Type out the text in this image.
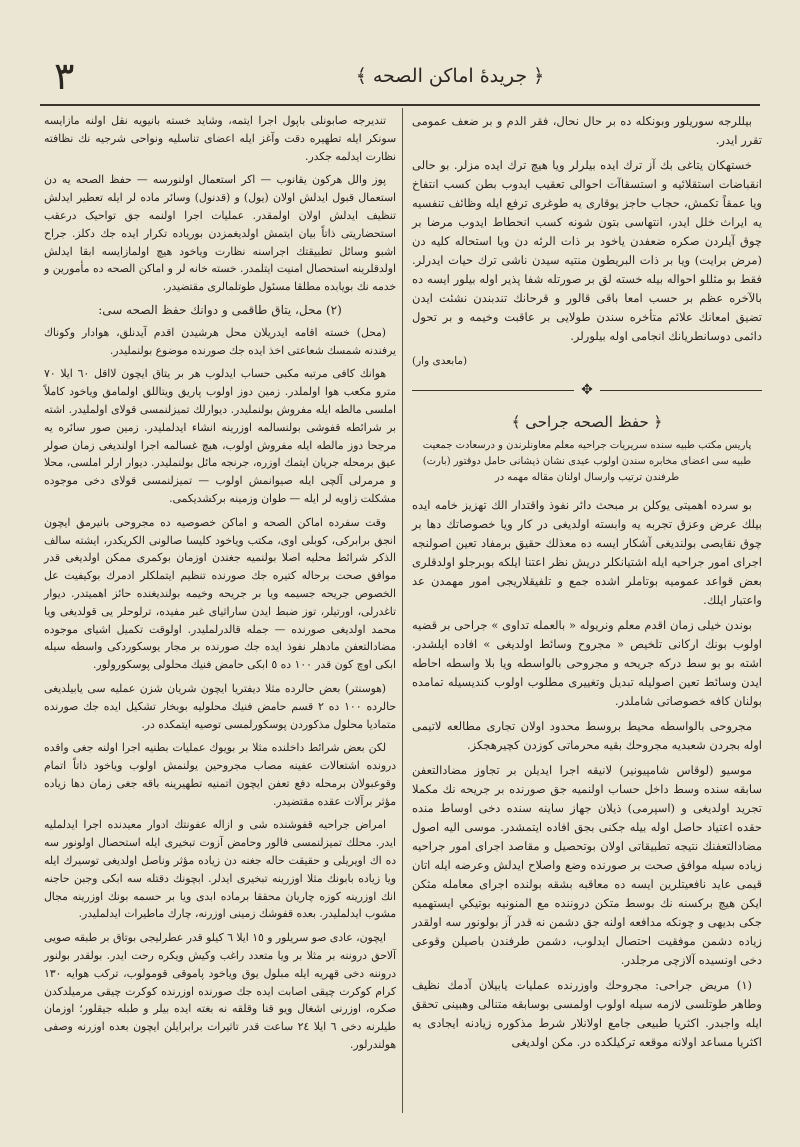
٣	﴿ جريدهٔ اماكن الصحه ﴾

بيللرجه سوريلور وبونكله ده بر حال نحال، فقر الدم و بر ضعف عمومی تقرر ايدر.

خستهكان يتاغی بك آز ترك ايده بيلرلر ويا هيچ ترك ايده مزلر. بو حالی انقباضات استقلائيه و استسقاآت احوالی تعقيب ايدوب بطن كسب انتفاخ ويا عمقاً تكمش، حجاب حاجز يوقاری يه طوغری ترفع ايله وظائف تنفسيه يه ايراث خلل ايدر، انتهاسی بتون شونه كسب انحطاط ايدوب مرضا بر چوق آيلردن صكره ضعفدن ياخود بر ذات الرئه دن ويا استحاله كليه دن (مرض برايت) ويا بر ذات البريطون منتيه سيدن ناشی ترك حيات ايدرلر. فقط بو مثللو احواله بيله خسته لق بر صورتله شفا پذير اوله بيلور ايسه ده بالآخره عظم بر حسب امعا باقی قالور و قرحانك تندبندن نشئت ايدن تضيق امعانك علائم متأخره سندن طولايی بر عاقبت وخيمه و بر تحول دائمی دوسانطريانك انجامی اوله بيلورلر.

(مابعدی وار)
✥
﴿ حفظ الصحه جراحی ﴾
پاريس مكتب طبيه سنده سريريات جراحيه معلم معاونلرندن و درسعادت جمعيت طبيه سی اعضای مخابره سندن اولوب عيدی نشان ذيشانی حامل دوقتور (بارت) طرفندن ترتيب وارسال اولنان مقاله مهمه در

بو سرده اهميتی يوكلن بر مبحث دائر نفوذ واقتدار الك تهزيز خامه ايده بيلك عرض وعزق تجربه يه وابسته اولديغی در كار ويا خصوصاتك دها بر چوق نقايصی بولنديغی آشكار ايسه ده معذلك حقيق برمفاد تعين اصولنجه اجرای امور جراحيه ايله اشتيانكلر دريش نظر اعتنا ايلكه بوبرجلو اولدقلری بعض قواعد عموميه بوتاملر اشده جمع و تلفيقلاريجی امور مهمدن عد واعتبار ايلك.

بوندن خيلی زمان اقدم معلم ونريوله « بالعمله تداوی » جراحی بر قضيه اولوب بونك اركانی تلخيص « مجروح وسائط اولديغی » افاده ايلشدر. اشته بو بو سط دركه جريحه و مجروحی بالواسطه ويا بلا واسطه احاطه ايدن وسائط تعين اصوليله تبديل وتغييری مطلوب اولوب كنديسيله تمامده بولنان كافه خصوصاتی شاملدر.

مجروحی بالواسطه محيط بروسط محدود اولان تجاری مطالعه لاتيمی اوله بجردن شعبديه مجروحك بقيه محرماتی كوزدن كچيرهجكز.

موسيو (لوقاس شامپيونير) لانيقه اجرا ايديلن بر تجاوز مضادالتعفن سابقه سنده وسط داخل حساب اولنميه جق صورنده بر جريحه نك مكملا تجريد اولديغی و (اسپرمی) ذيلان جهاز ساينه سنده دخی اوساط منده حقده اعتياد حاصل اوله بيله جكنی بجق افاده ايتمشدر. موسی اليه اصول مضادالتعفنك نتيجه تطبيقاتی اولان بوتحصيل و مقاصد اجرای امور جراحيه زياده سيله موافق صحت بر صورنده وضع واصلاح ايدلش وعرضه ايله اتان قيمی عايد نافعيتلرين ايسه ده معاقبه بشقه بولنده اجرای معامله مثكن ايكن هيچ بركسنه نك بوسط متكن دروننده مع المنونيه بوتيكي ايستهميه جكی بديهی و چونكه مدافعه اولنه جق دشمن نه قدر آز بولونور سه اولقدر زياده دشمن موفقيت احتصال ايدلوب، دشمن طرفندن باصيلن وقوعی دخی اونسيده آلازچی مرجلدر.

(١) مريض جراحی: مجروحك واوزرنده عمليات يابيلان آدمك نظيف وطاهر طوتلسی لازمه سيله اولوب اولمسی بوسابقه متنالی وهبينی تحقق ايله واجبدر. اكثريا طبيعی جامع اولانلار شرط مذكوره زيادنه ايجادی يه اكثريا مساعد اولانه موقعه تركيلكده در. مكن اولديغی

تنديرجه صابونلی باپول اجرا ايتمه، وشايد خسته بانيويه نقل اولنه مازايسه سونكر ايله تطهيره دقت وآغز ايله اعضای تناسليه ونواحی شرجيه نك نظافته نظارت ايدلمه جكدر.

پوز والل هركون يقانوب — اكر استعمال اولنورسه — حفظ الصحه يه دن استعمال قبول ايدلش اولان (يول) و (قدنول) وسائر ماده لر ايله تعطير ايدلش تنظيف ايدلش اولان اولمقدر. عمليات اجرا اولنمه جق تواحیک درعقب استحضاریتی ذاتاً بيان ايتمش اولديغمزدن بورياده تكرار ايده جك دكلز. جراح اشبو وسائل تطبيقتك اجراسنه نظارت وياخود هيچ اولمازايسه ابقا ايدلش اولدقلرينه استحصال امنيت ايتلمدر. خسته خانه لر و اماكن الصحه ده مأمورين و خدمه نك بويابده مطلقا مسئول طوتلمالری مقتضيدر.

(٢) محل، يتاق طاقمی و دوانك حفظ الصحه سی:

(محل) خسته اقامه ايدريلان محل هرشيدن اقدم آيدنلق، هوادار وكوناك يرفندنه شمسك شعاعتی اخذ ايده جك صورنده موضوع بولنمليدر.

هوانك كافی مرتبه مكبی حساب ايدلوب هر بر يتاق ايچون لااقل ٦٠ ايلا ٧٠ مترو مكعب هوا اولملدر. زمين دوز اولوب پاريق ويتاللق اولمامق وياخود كاملاً املسی مالطه ايله مفروش بولنمليدر. ديوارلك تميزلنمسی قولای اولمليدر. اشته بر شرائطه قفوشی بولنسالمه اوزرينه انشاء ايدلمليدر. زمين صور سائره يه مرجحا دوز مالطه ايله مفروش اولوب، هيچ غسالمه اجرا اولنديغی زمان صولر عيق برمحله جريان ايتمك اوزره، جرنجه مائل بولنملیدر. ديوار ارلر املسی، محلا و مرمرلی آلچی ايله صيوانمش اولوب — تميزلنمسی قولای دخی موجوده مشكلت زاويه لر ايله — طوان وزمينه بركشديكمی.

وقت سفرده اماكن الصحه و اماكن خصوصيه ده مجروحی بانيرمق ايچون انجق برابركی، كوبلی اوی، مكتب وياخود كليسا صالونی الكريكدر، ايشته سالف الذكر شرائط محليه اصلا بولنميه جغندن اوزمان بوكمری ممكن اولديغی قدر موافق صحت برحاله كتيره جك صورنده تنظيم ايتملكلر ادمرك بوكيفيت عل الخصوص جريحه جسيمه ويا بر جريحه وخيمه بولنديغنده حائز اهميتدر. ديوار تاغدرلی، اورتيلر، توز ضبط ايدن ساراثيای غبر مفيده، ترلوحلر يی قولديغی ويا محمد اولديغی صورنده — جمله قالدرلمليدر. اولوقت تكميل اشيای موجوده مضادالتعفن مادهلر نفوذ ايده جك صورنده بر مجار يوسكوردكی واسطه سيله ابكی اوچ كون قدر ١٠٠ ده ٥ ابكی حامض فنيك محلولی پوسكورولور.

(هوسنتر) بعض حالرده مثلا ديفتريا ايچون شريان شزن عمليه سی يابيلديغی حالرده ١٠٠ ده ٢ قسم حامض فنيك محلوليه بوبخار تشكيل ايده جك صورنده متماديا محلول مذكوردن پوسكورلمسی توصيه ايتمكده در.

لكن بعض شرائط داخلنده مثلا بر بويوك عمليات بطنيه اجرا اولنه جغی واقده درونده اشتعالات عفينه مصاب مجروحين يولنمش اولوب وياخود ذاتاً اتمام وقوعبولان برمحله دفع تعفن ايچون اتمنيه تطهيرينه باقه جغی زمان دها زياده مؤثر برآلات عقده مقتضيدر.

امراض جراحيه قفوشنده شی و ازاله عفونتك ادوار معيدنده اجرا ايدلمليه ايدر. محلك تميزلنمسی فالور وحامض آزوت تبخيری ايله استحصال اولونور سه ده اك اويريلی و حقيقت حاله جغنه دن زياده مؤثر وناصل اولديغی توسيرك ايله ويا زياده بابونك مثلا اوزرينه تبخيری ايدلر. ابچونك دقتله سه ابكی وجبن حاجنه انك اوزرينه كوزه چاريان محققا برماده ابدی ويا بر حسمه بونك اوزرينه مجال مشوب ايدلمليدر. بعده قفوشك زمينی اوزرنه، چارك ماطيرات ايدلمليدر.

ايچون، عادی صو سريلور و ١٥ ايلا ٦ كيلو قدر عطرليجی بوتاق بر طبقه صويی آلاحق دروننه بر مثلا بر ويا متعدد راغب وكيش ويكره رحت ايدر. بولقدر بولنور دروننه دخی قهريه ايله مبلول يوق وياخود پاموقی قومولوب، تركب هوايه ١٣٠ كرام كوكرت چيقی اصابت ايده جك صورنده اوزرنده كوكرت چيقی مرمیلدكدن صكره، اوزرنی اشغال ويو قنا وقلقه نه بغته ايده بيلر و طبله جيقلور؛ اوزمان طيلرنه دخی ٦ ايلا ٢٤ ساعت قدر تاثيرات برابرايلن ايچون بعده اوزرنه وصفی هولندرلور.
